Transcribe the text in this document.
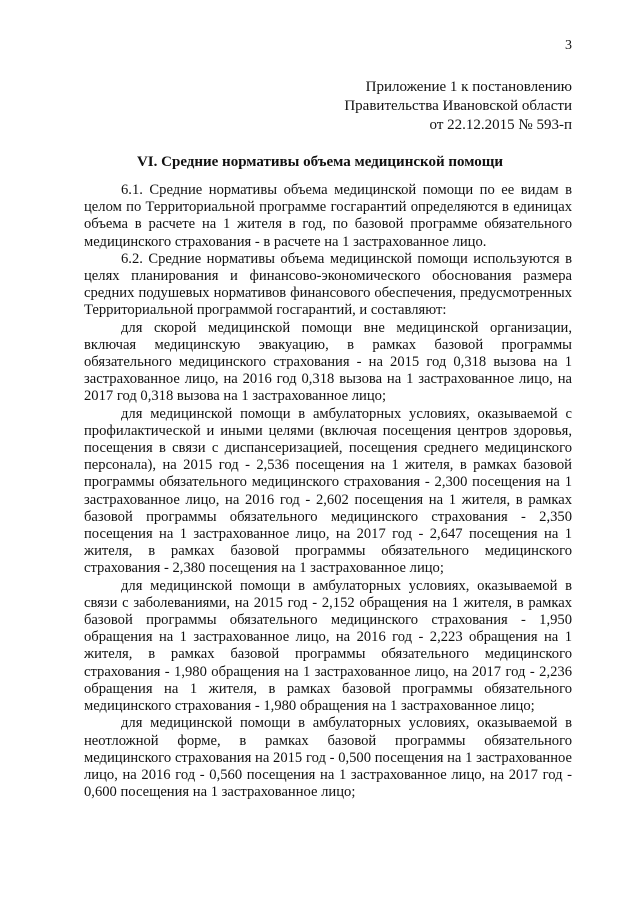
3
Приложение 1 к постановлению
Правительства Ивановской области
от 22.12.2015 № 593-п
VI. Средние нормативы объема медицинской помощи

6.1. Средние нормативы объема медицинской помощи по ее видам в целом по Территориальной программе госгарантий определяются в единицах объема в расчете на 1 жителя в год, по базовой программе обязательного медицинского страхования - в расчете на 1 застрахованное лицо.

6.2. Средние нормативы объема медицинской помощи используются в целях планирования и финансово-экономического обоснования размера средних подушевых нормативов финансового обеспечения, предусмотренных Территориальной программой госгарантий, и составляют:

для скорой медицинской помощи вне медицинской организации, включая медицинскую эвакуацию, в рамках базовой программы обязательного медицинского страхования - на 2015 год 0,318 вызова на 1 застрахованное лицо, на 2016 год 0,318 вызова на 1 застрахованное лицо, на 2017 год 0,318 вызова на 1 застрахованное лицо;

для медицинской помощи в амбулаторных условиях, оказываемой с профилактической и иными целями (включая посещения центров здоровья, посещения в связи с диспансеризацией, посещения среднего медицинского персонала), на 2015 год - 2,536 посещения на 1 жителя, в рамках базовой программы обязательного медицинского страхования - 2,300 посещения на 1 застрахованное лицо, на 2016 год - 2,602 посещения на 1 жителя, в рамках базовой программы обязательного медицинского страхования - 2,350 посещения на 1 застрахованное лицо, на 2017 год - 2,647 посещения на 1 жителя, в рамках базовой программы обязательного медицинского страхования - 2,380 посещения на 1 застрахованное лицо;

для медицинской помощи в амбулаторных условиях, оказываемой в связи с заболеваниями, на 2015 год - 2,152 обращения на 1 жителя, в рамках базовой программы обязательного медицинского страхования - 1,950 обращения на 1 застрахованное лицо, на 2016 год - 2,223 обращения на 1 жителя, в рамках базовой программы обязательного медицинского страхования - 1,980 обращения на 1 застрахованное лицо, на 2017 год - 2,236 обращения на 1 жителя, в рамках базовой программы обязательного медицинского страхования - 1,980 обращения на 1 застрахованное лицо;

для медицинской помощи в амбулаторных условиях, оказываемой в неотложной форме, в рамках базовой программы обязательного медицинского страхования на 2015 год - 0,500 посещения на 1 застрахованное лицо, на 2016 год - 0,560 посещения на 1 застрахованное лицо, на 2017 год - 0,600 посещения на 1 застрахованное лицо;
